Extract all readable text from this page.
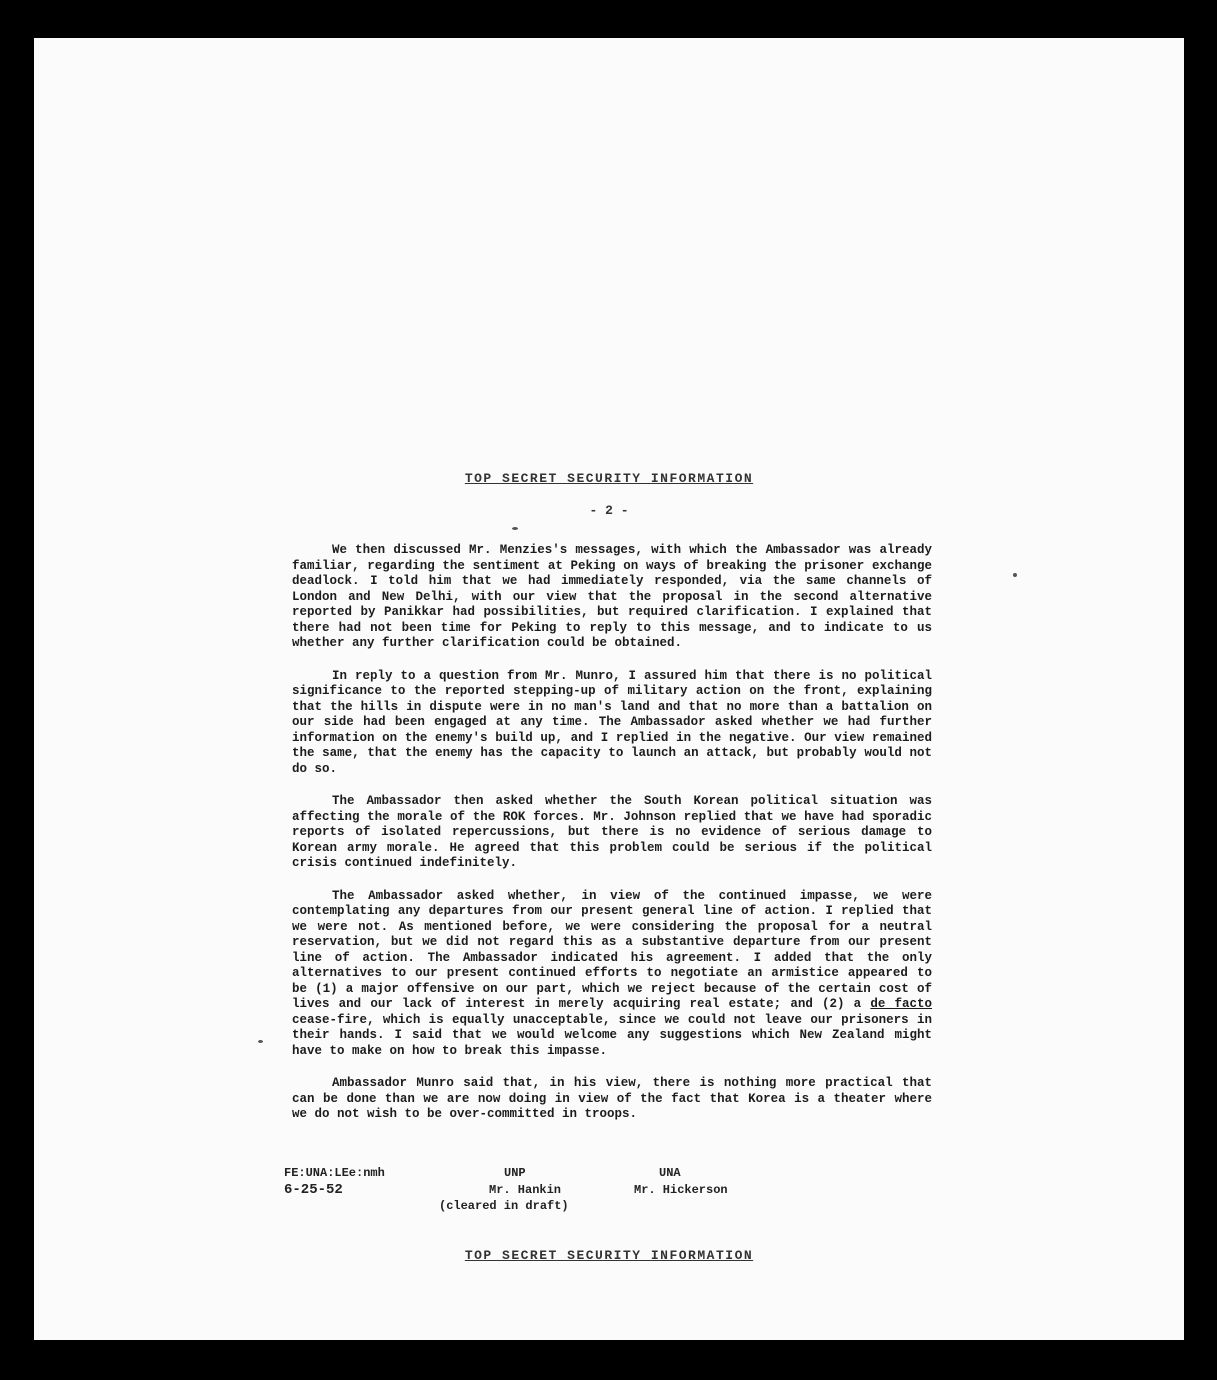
TOP SECRET SECURITY INFORMATION
- 2 -

We then discussed Mr. Menzies's messages, with which the Ambassador was already familiar, regarding the sentiment at Peking on ways of breaking the prisoner exchange deadlock. I told him that we had immediately responded, via the same channels of London and New Delhi, with our view that the proposal in the second alternative reported by Panikkar had possibilities, but required clarification. I explained that there had not been time for Peking to reply to this message, and to indicate to us whether any further clarification could be obtained.

In reply to a question from Mr. Munro, I assured him that there is no political significance to the reported stepping-up of military action on the front, explaining that the hills in dispute were in no man's land and that no more than a battalion on our side had been engaged at any time. The Ambassador asked whether we had further information on the enemy's build up, and I replied in the negative. Our view remained the same, that the enemy has the capacity to launch an attack, but probably would not do so.

The Ambassador then asked whether the South Korean political situation was affecting the morale of the ROK forces. Mr. Johnson replied that we have had sporadic reports of isolated repercussions, but there is no evidence of serious damage to Korean army morale. He agreed that this problem could be serious if the political crisis continued indefinitely.

The Ambassador asked whether, in view of the continued impasse, we were contemplating any departures from our present general line of action. I replied that we were not. As mentioned before, we were considering the proposal for a neutral reservation, but we did not regard this as a substantive departure from our present line of action. The Ambassador indicated his agreement. I added that the only alternatives to our present continued efforts to negotiate an armistice appeared to be (1) a major offensive on our part, which we reject because of the certain cost of lives and our lack of interest in merely acquiring real estate; and (2) a de facto cease-fire, which is equally unacceptable, since we could not leave our prisoners in their hands. I said that we would welcome any suggestions which New Zealand might have to make on how to break this impasse.

Ambassador Munro said that, in his view, there is nothing more practical that can be done than we are now doing in view of the fact that Korea is a theater where we do not wish to be over-committed in troops.

FE:UNA:LEe:nmh
6-25-52
UNP
Mr. Hankin
(cleared in draft)
UNA
Mr. Hickerson
TOP SECRET SECURITY INFORMATION
